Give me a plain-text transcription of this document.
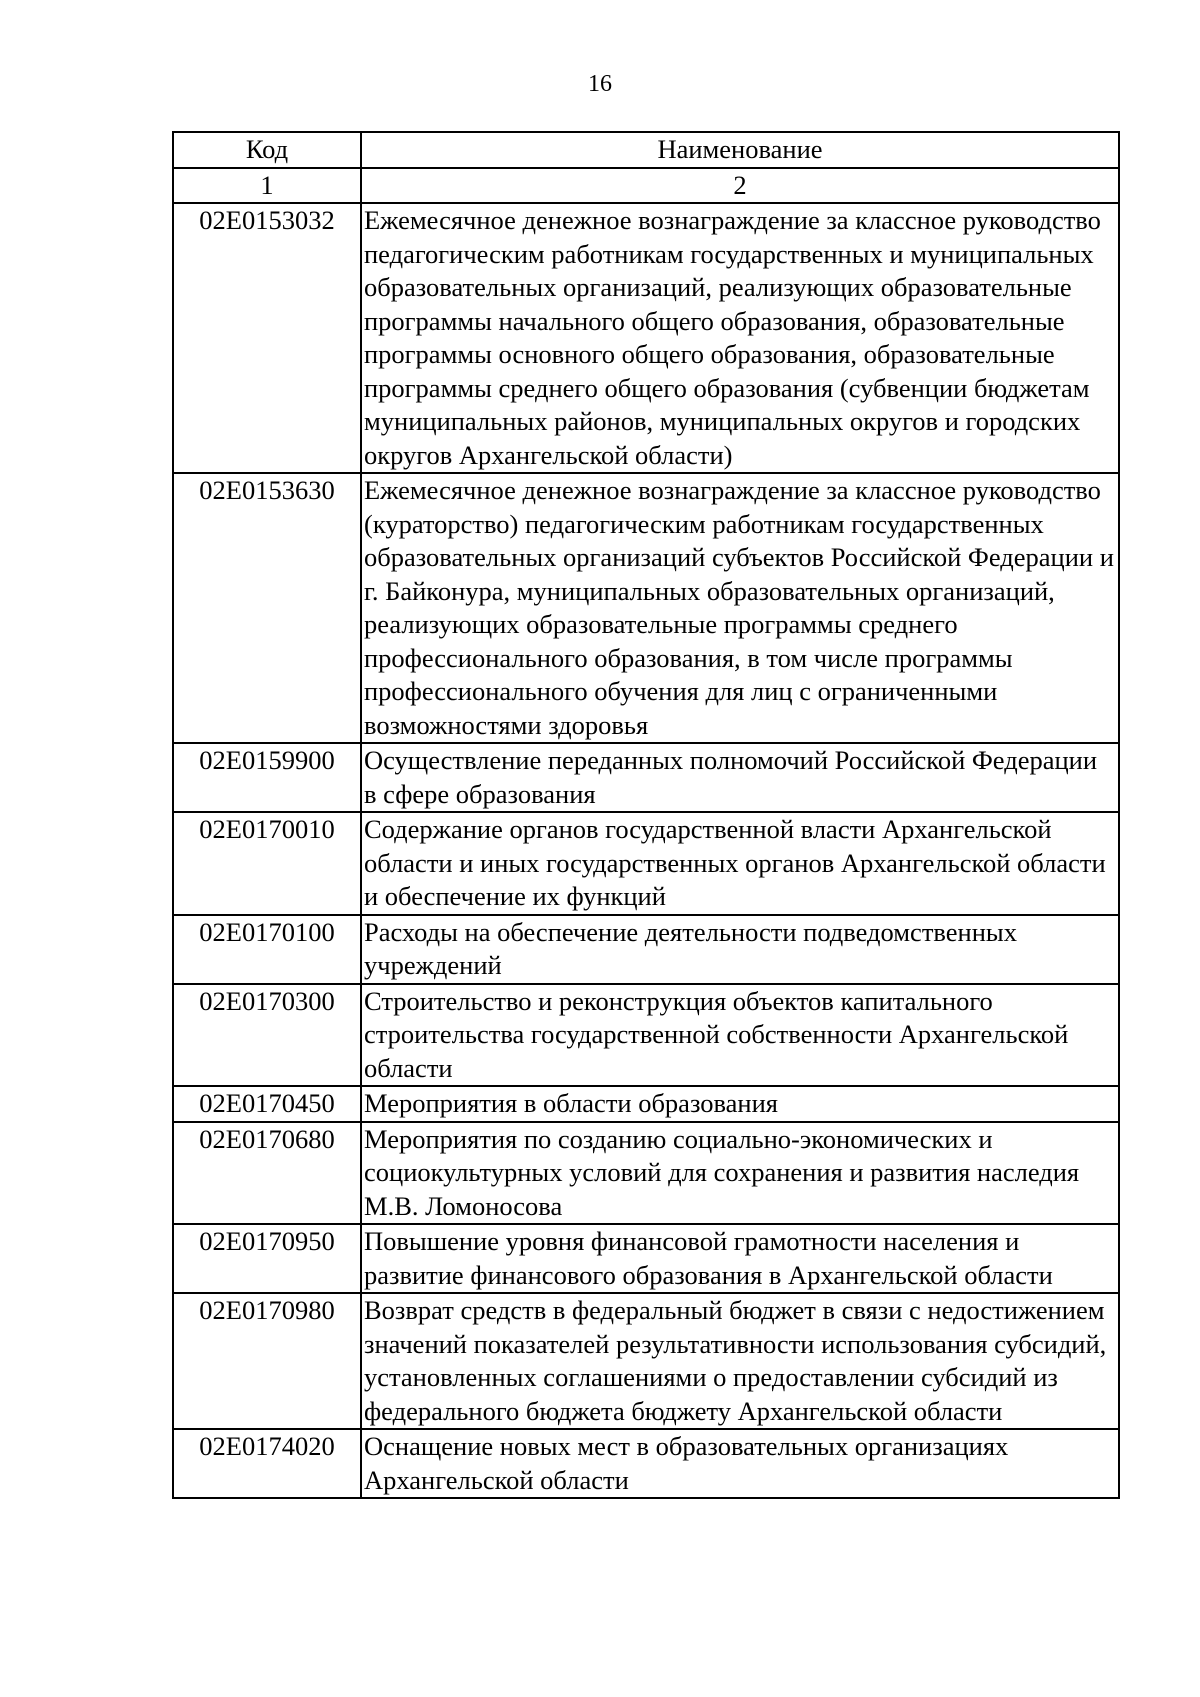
16
Код	Наименование
1	2
02E0153032	Ежемесячное денежное вознаграждение за классное руководство педагогическим работникам государственных и муниципальных образовательных организаций, реализующих образовательные программы начального общего образования, образовательные программы основного общего образования, образовательные программы среднего общего образования (субвенции бюджетам муниципальных районов, муниципальных округов и городских округов Архангельской области)
02E0153630	Ежемесячное денежное вознаграждение за классное руководство (кураторство) педагогическим работникам государственных образовательных организаций субъектов Российской Федерации и г. Байконура, муниципальных образовательных организаций, реализующих образовательные программы среднего профессионального образования, в том числе программы профессионального обучения для лиц с ограниченными возможностями здоровья
02E0159900	Осуществление переданных полномочий Российской Федерации в сфере образования
02E0170010	Содержание органов государственной власти Архангельской области и иных государственных органов Архангельской области и обеспечение их функций
02E0170100	Расходы на обеспечение деятельности подведомственных учреждений
02E0170300	Строительство и реконструкция объектов капитального строительства государственной собственности Архангельской области
02E0170450	Мероприятия в области образования
02E0170680	Мероприятия по созданию социально-экономических и социокультурных условий для сохранения и развития наследия М.В. Ломоносова
02E0170950	Повышение уровня финансовой грамотности населения и развитие финансового образования в Архангельской области
02E0170980	Возврат средств в федеральный бюджет в связи с недостижением значений показателей результативности использования субсидий, установленных соглашениями о предоставлении субсидий из федерального бюджета бюджету Архангельской области
02E0174020	Оснащение новых мест в образовательных организациях Архангельской области
